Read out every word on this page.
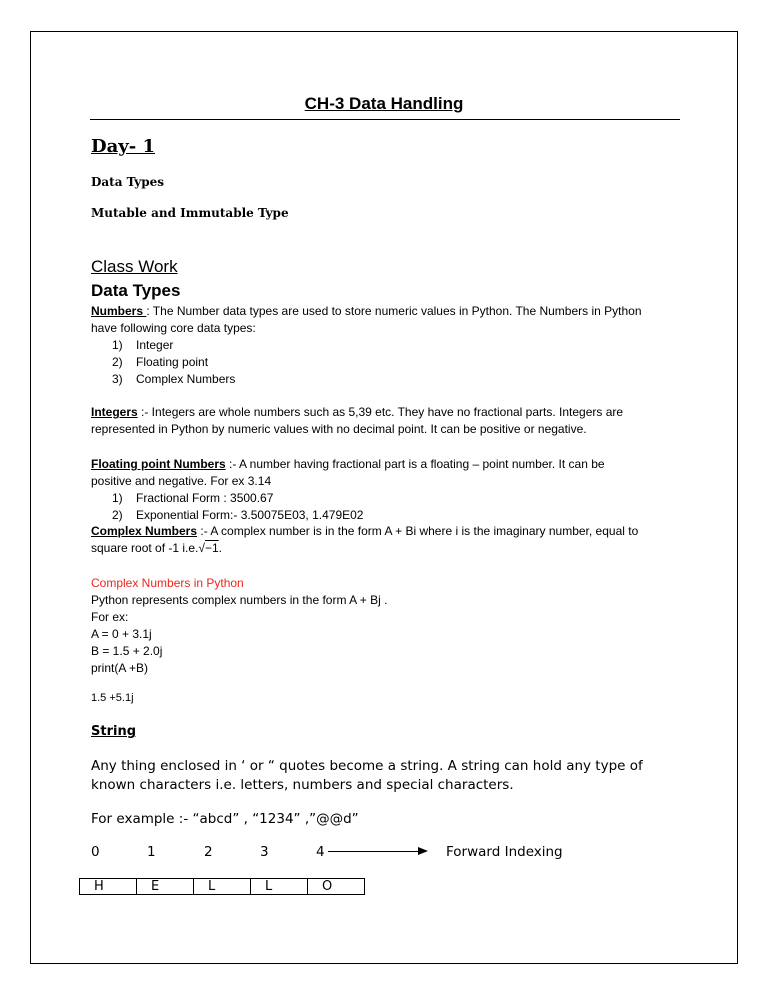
CH-3 Data Handling
Day- 1
Data Types
Mutable and Immutable Type
Class Work
Data Types
Numbers : The Number data types are used to store numeric values in Python. The Numbers in Python
have following core data types:
1) Integer
2) Floating point
3) Complex Numbers
Integers :- Integers are whole numbers such as 5,39 etc. They have no fractional parts. Integers are
represented in Python by numeric values with no decimal point. It can be positive or negative.
Floating point Numbers :- A number having fractional part is a floating – point number. It can be
positive and negative. For ex 3.14
1) Fractional Form : 3500.67
2) Exponential Form:- 3.50075E03, 1.479E02
Complex Numbers :- A complex number is in the form A + Bi where i is the imaginary number, equal to
square root of -1 i.e.√−1.
Complex Numbers in Python
Python represents complex numbers in the form A + Bj .
For ex:
A = 0 + 3.1j
B = 1.5 + 2.0j
print(A +B)
1.5 +5.1j
String
Any thing enclosed in ‘ or “ quotes become a string. A string can hold any type of
known characters i.e. letters, numbers and special characters.
For example :- “abcd” , “1234” ,”@@d”
0	1	2	3	4	Forward Indexing
H	E	L	L	O
